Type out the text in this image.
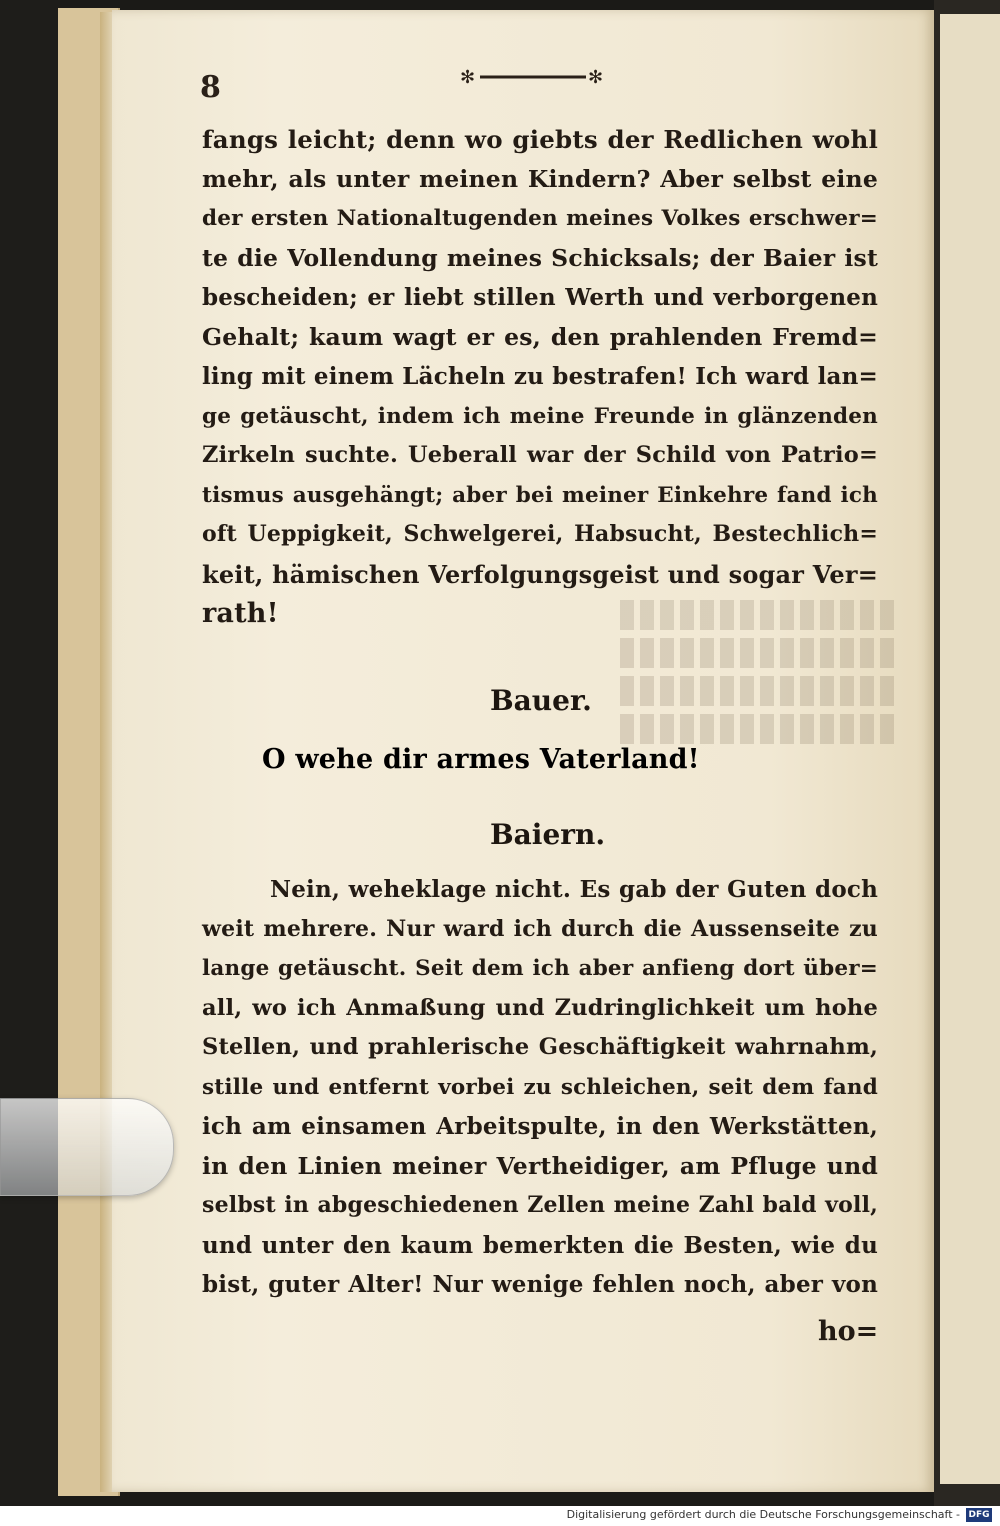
8	✻	✻
fangs leicht; denn wo giebts der Redlichen wohl
mehr, als unter meinen Kindern? Aber selbst eine
der ersten Nationaltugenden meines Volkes erschwer=
te die Vollendung meines Schicksals; der Baier ist
bescheiden; er liebt stillen Werth und verborgenen
Gehalt; kaum wagt er es, den prahlenden Fremd=
ling mit einem Lächeln zu bestrafen! Ich ward lan=
ge getäuscht, indem ich meine Freunde in glänzenden
Zirkeln suchte. Ueberall war der Schild von Patrio=
tismus ausgehängt; aber bei meiner Einkehre fand ich
oft Ueppigkeit, Schwelgerei, Habsucht, Bestechlich=
keit, hämischen Verfolgungsgeist und sogar Ver=
rath!
Bauer.
O wehe dir armes Vaterland!
Baiern.
Nein, weheklage nicht. Es gab der Guten doch
weit mehrere. Nur ward ich durch die Aussenseite zu
lange getäuscht. Seit dem ich aber anfieng dort über=
all, wo ich Anmaßung und Zudringlichkeit um hohe
Stellen, und prahlerische Geschäftigkeit wahrnahm,
stille und entfernt vorbei zu schleichen, seit dem fand
ich am einsamen Arbeitspulte, in den Werkstätten,
in den Linien meiner Vertheidiger, am Pfluge und
selbst in abgeschiedenen Zellen meine Zahl bald voll,
und unter den kaum bemerkten die Besten, wie du
bist, guter Alter! Nur wenige fehlen noch, aber von
ho=
Digitalisierung gefördert durch die Deutsche Forschungsgemeinschaft - DFG
